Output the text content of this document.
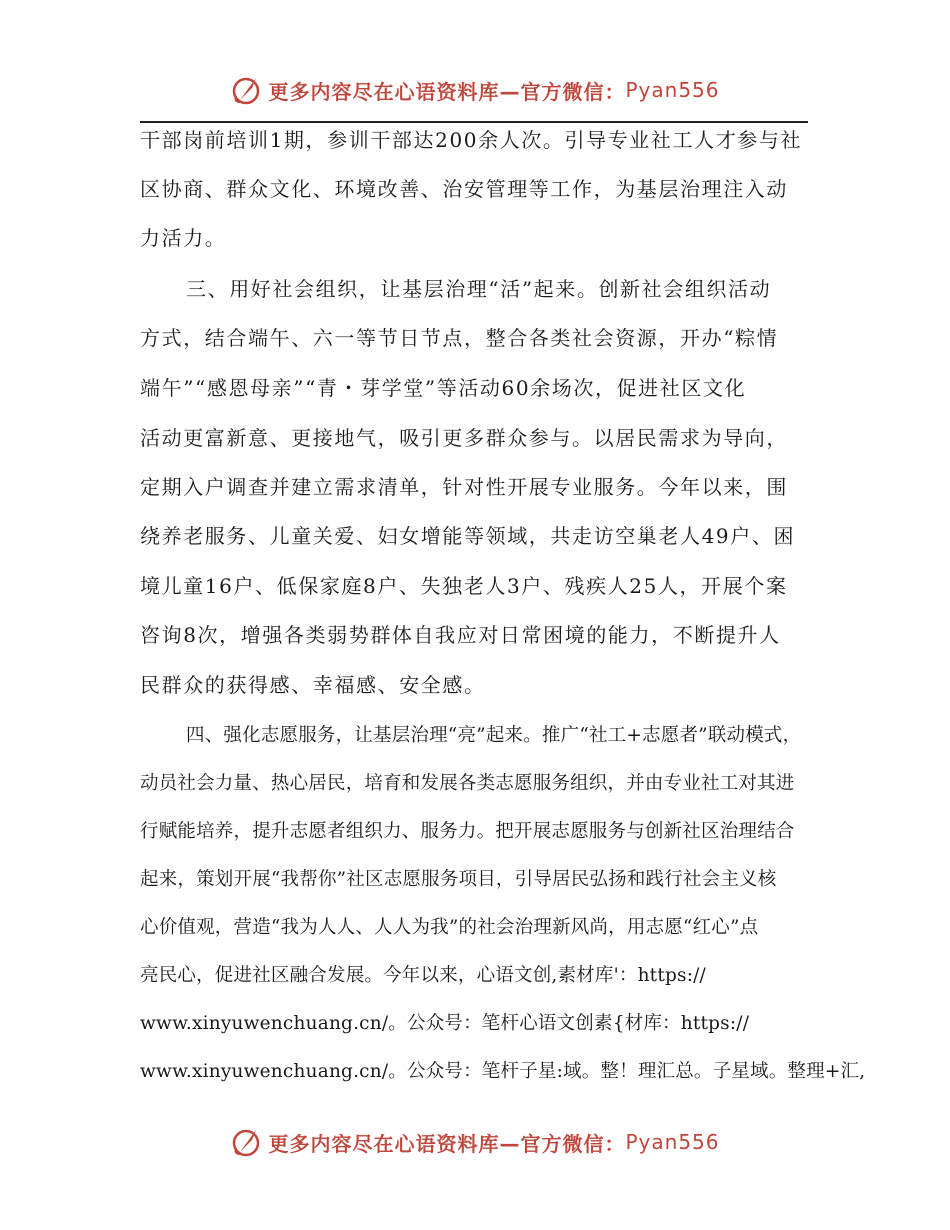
更多内容尽在心语资料库—官方微信： Pyan556
干部岗前培训1期，参训干部达200余人次。引导专业社工人才参与社
区协商、群众文化、环境改善、治安管理等工作，为基层治理注入动
力活力。
三、用好社会组织，让基层治理“活”起来。创新社会组织活动
方式，结合端午、六一等节日节点，整合各类社会资源，开办“粽情
端午”“感恩母亲”“青・芽学堂”等活动60余场次，促进社区文化
活动更富新意、更接地气，吸引更多群众参与。以居民需求为导向，
定期入户调查并建立需求清单，针对性开展专业服务。今年以来，围
绕养老服务、儿童关爱、妇女增能等领域，共走访空巢老人49户、困
境儿童16户、低保家庭8户、失独老人3户、残疾人25人，开展个案
咨询8次，增强各类弱势群体自我应对日常困境的能力，不断提升人
民群众的获得感、幸福感、安全感。
四、强化志愿服务，让基层治理“亮”起来。推广“社工+志愿者”联动模式，
动员社会力量、热心居民，培育和发展各类志愿服务组织，并由专业社工对其进
行赋能培养，提升志愿者组织力、服务力。把开展志愿服务与创新社区治理结合
起来，策划开展“我帮你”社区志愿服务项目，引导居民弘扬和践行社会主义核
心价值观，营造“我为人人、人人为我”的社会治理新风尚，用志愿“红心”点
亮民心，促进社区融合发展。今年以来，心语文创,素材库'：https://
www.xinyuwenchuang.cn/。公众号：笔杆心语文创素{材库：https://
www.xinyuwenchuang.cn/。公众号：笔杆子星:域。整！理汇总。子星域。整理+汇,
更多内容尽在心语资料库—官方微信： Pyan556
